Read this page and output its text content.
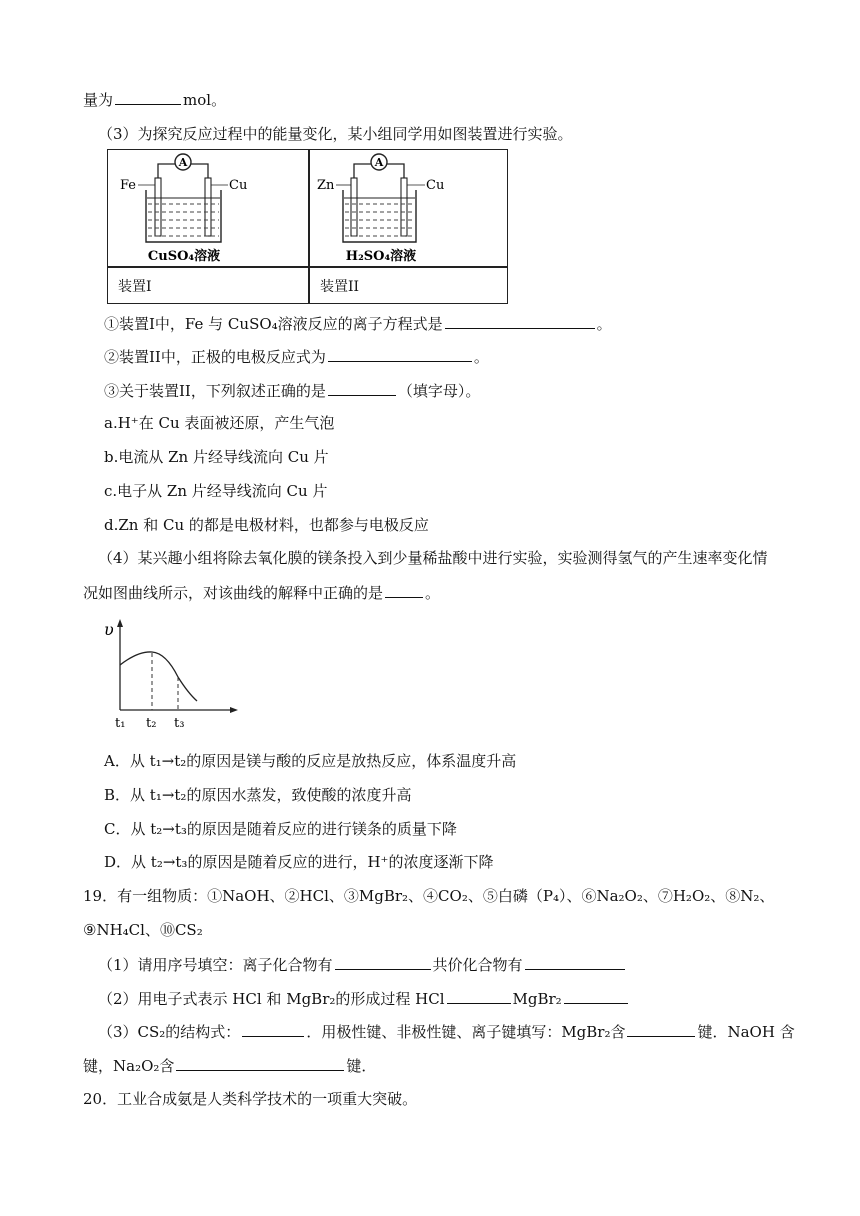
量为	mol。
（3）为探究反应过程中的能量变化，某小组同学用如图装置进行实验。
A
Fe	Cu
CuSO₄溶液
A
Zn	Cu
H₂SO₄溶液
装置I	装置II
①装置I中，Fe 与 CuSO₄溶液反应的离子方程式是	。
②装置II中，正极的电极反应式为	。
③关于装置II，下列叙述正确的是	（填字母）。
a.H⁺在 Cu 表面被还原，产生气泡
b.电流从 Zn 片经导线流向 Cu 片
c.电子从 Zn 片经导线流向 Cu 片
d.Zn 和 Cu 的都是电极材料，也都参与电极反应
（4）某兴趣小组将除去氧化膜的镁条投入到少量稀盐酸中进行实验，实验测得氢气的产生速率变化情
况如图曲线所示，对该曲线的解释中正确的是	。
υ
t₁ t₂ t₃
A．从 t₁→t₂的原因是镁与酸的反应是放热反应，体系温度升高
B．从 t₁→t₂的原因水蒸发，致使酸的浓度升高
C．从 t₂→t₃的原因是随着反应的进行镁条的质量下降
D．从 t₂→t₃的原因是随着反应的进行，H⁺的浓度逐渐下降
19．有一组物质：①NaOH、②HCl、③MgBr₂、④CO₂、⑤白磷（P₄）、⑥Na₂O₂、⑦H₂O₂、⑧N₂、
⑨NH₄Cl、⑩CS₂
（1）请用序号填空：离子化合物有	共价化合物有
（2）用电子式表示 HCl 和 MgBr₂的形成过程 HCl	MgBr₂
（3）CS₂的结构式：	．用极性键、非极性键、离子键填写：MgBr₂含	键．NaOH 含
键，Na₂O₂含	键．
20．工业合成氨是人类科学技术的一项重大突破。
